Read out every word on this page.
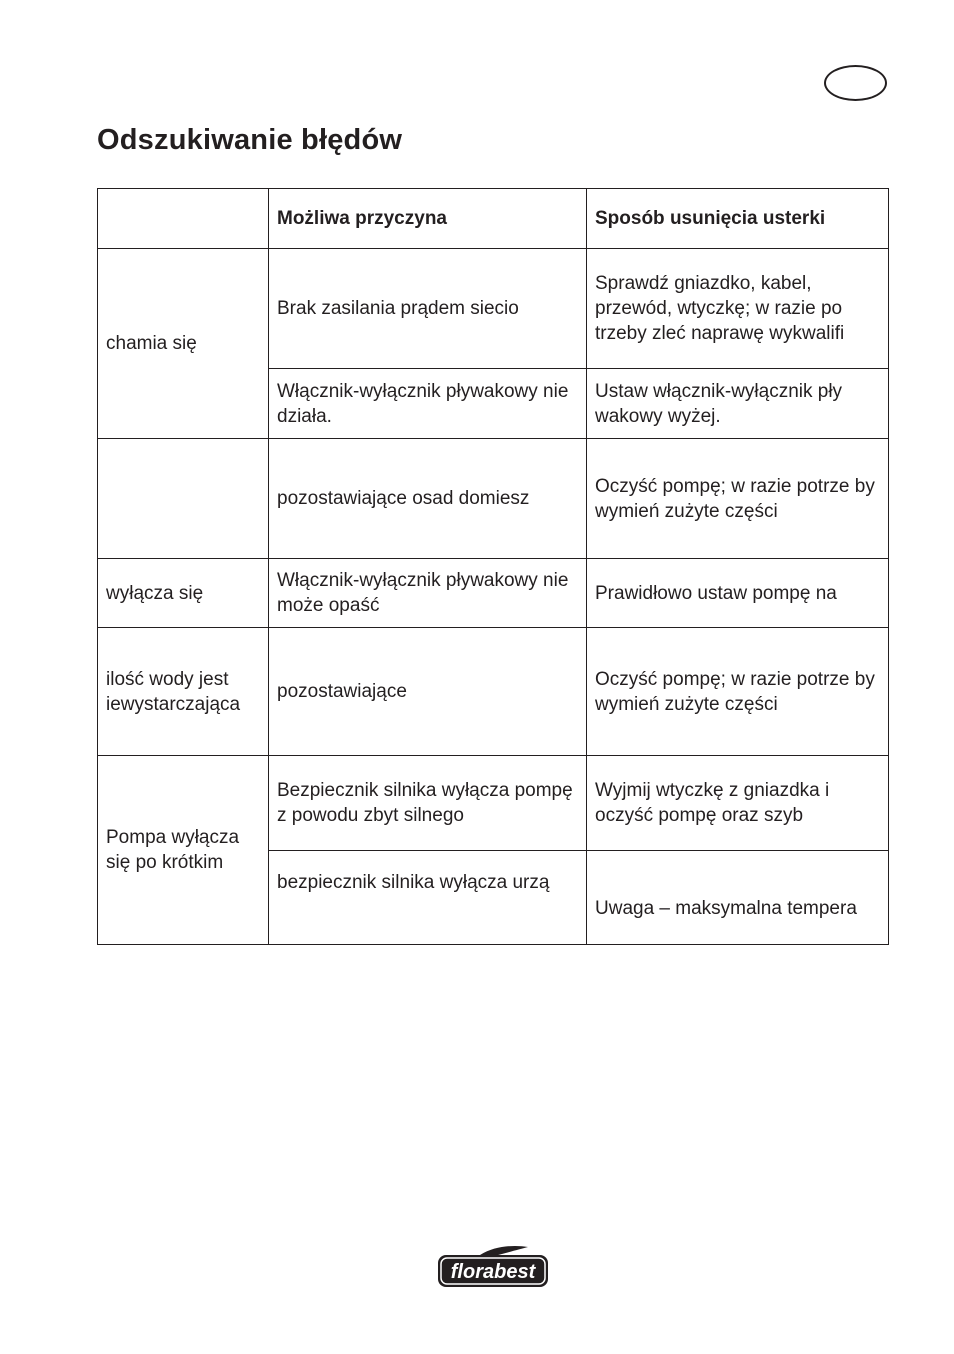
Odszukiwanie błędów
	Możliwa przyczyna	Sposób usunięcia usterki
chamia się	Brak zasilania prądem siecio	Sprawdź gniazdko, kabel, przewód, wtyczkę; w razie po trzeby zleć naprawę wykwalifi
	Włącznik-wyłącznik pływakowy nie działa.	Ustaw włącznik-wyłącznik pły wakowy wyżej.
	pozostawiające osad domiesz	Oczyść pompę; w razie potrze by wymień zużyte części
wyłącza się	Włącznik-wyłącznik pływakowy nie może opaść	Prawidłowo ustaw pompę na
ilość wody jest iewystarczająca	pozostawiające	Oczyść pompę; w razie potrze by wymień zużyte części
Pompa wyłącza się po krótkim	Bezpiecznik silnika wyłącza pompę z powodu zbyt silnego	Wyjmij wtyczkę z gniazdka i oczyść pompę oraz szyb
	bezpiecznik silnika wyłącza urzą	Uwaga – maksymalna tempera
florabest
